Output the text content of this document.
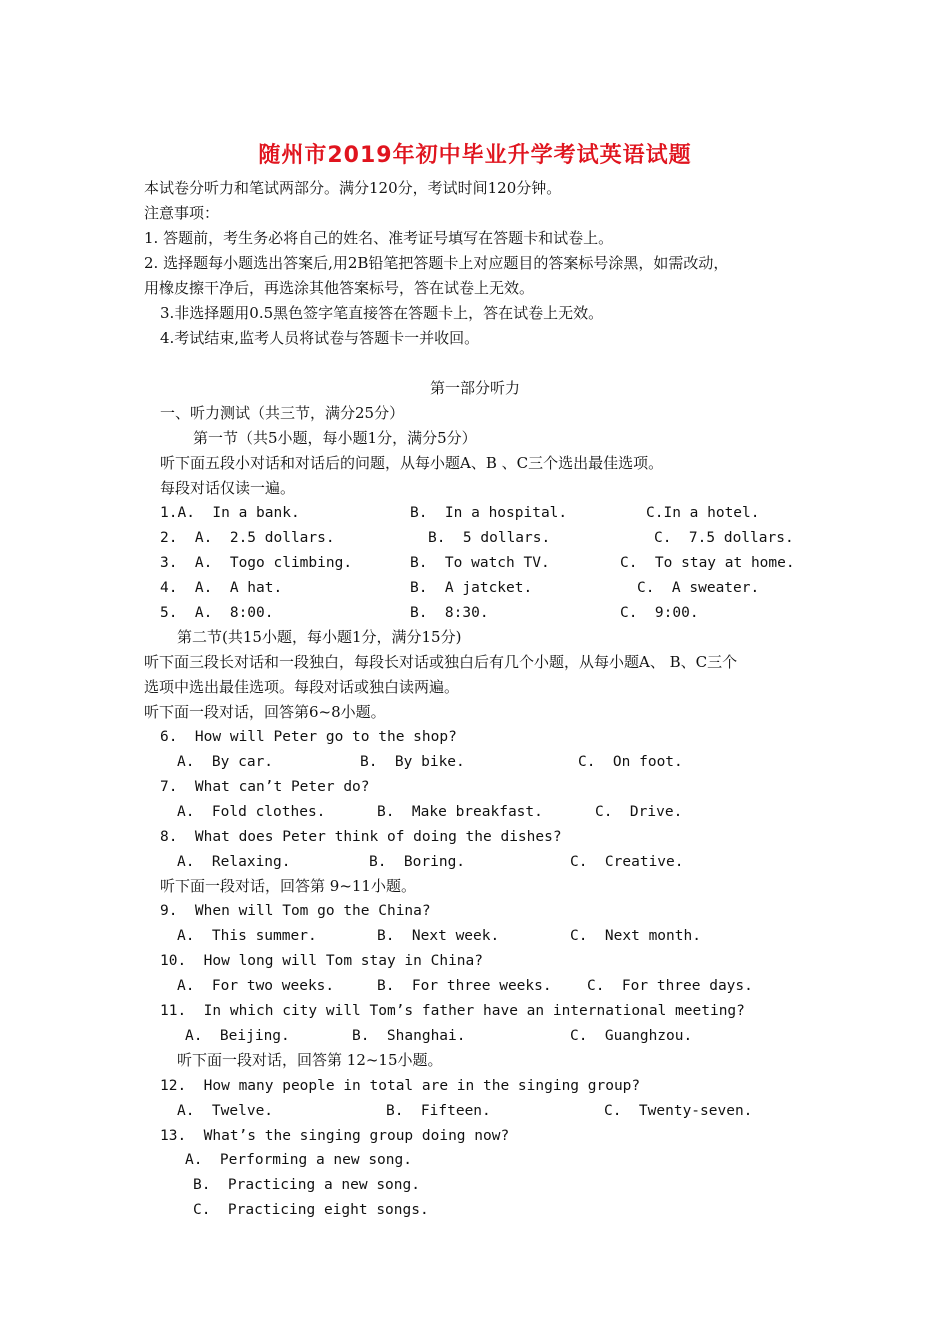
随州市2019年初中毕业升学考试英语试题
本试卷分听力和笔试两部分。满分120分，考试时间120分钟。
注意事项：
1. 答题前，考生务必将自己的姓名、准考证号填写在答题卡和试卷上。
2. 选择题每小题选出答案后,用2B铅笔把答题卡上对应题目的答案标号涂黑，如需改动，
用橡皮擦干净后，再选涂其他答案标号，答在试卷上无效。
3.非选择题用0.5黑色签字笔直接答在答题卡上，答在试卷上无效。
4.考试结束,监考人员将试卷与答题卡一并收回。
第一部分听力
一、听力测试（共三节，满分25分）
第一节（共5小题，每小题1分，满分5分）
听下面五段小对话和对话后的问题，从每小题A、B 、C三个选出最佳选项。
每段对话仅读一遍。
1.A.  In a bank.	B.  In a hospital.	C.In a hotel.
2.  A.  2.5 dollars.	B.  5 dollars.	C.  7.5 dollars.
3.  A.  Togo climbing.	B.  To watch TV.	C.  To stay at home.
4.  A.  A hat.	B.  A jatcket.	C.  A sweater.
5.  A.  8:00.	B.  8:30.	C.  9:00.
第二节(共15小题，每小题1分，满分15分)
听下面三段长对话和一段独白，每段长对话或独白后有几个小题，从每小题A、 B、C三个
选项中选出最佳选项。每段对话或独白读两遍。
听下面一段对话，回答第6~8小题。
6.  How will Peter go to the shop?
A.  By car.	B.  By bike.	C.  On foot.
7.  What can’t Peter do?
A.  Fold clothes.	B.  Make breakfast.	C.  Drive.
8.  What does Peter think of doing the dishes?
A.  Relaxing.	B.  Boring.	C.  Creative.
听下面一段对话，回答第 9~11小题。
9.  When will Tom go the China?
A.  This summer.	B.  Next week.	C.  Next month.
10.  How long will Tom stay in China?
A.  For two weeks.	B.  For three weeks. C.  For three days.
11.  In which city will Tom’s father have an international meeting?
A.  Beijing.	B.  Shanghai.	C.  Guanghzou.
听下面一段对话，回答第 12~15小题。
12.  How many people in total are in the singing group?
A.  Twelve.	B.  Fifteen.	C.  Twenty-seven.
13.  What’s the singing group doing now?
A.  Performing a new song.
B.  Practicing a new song.
C.  Practicing eight songs.
